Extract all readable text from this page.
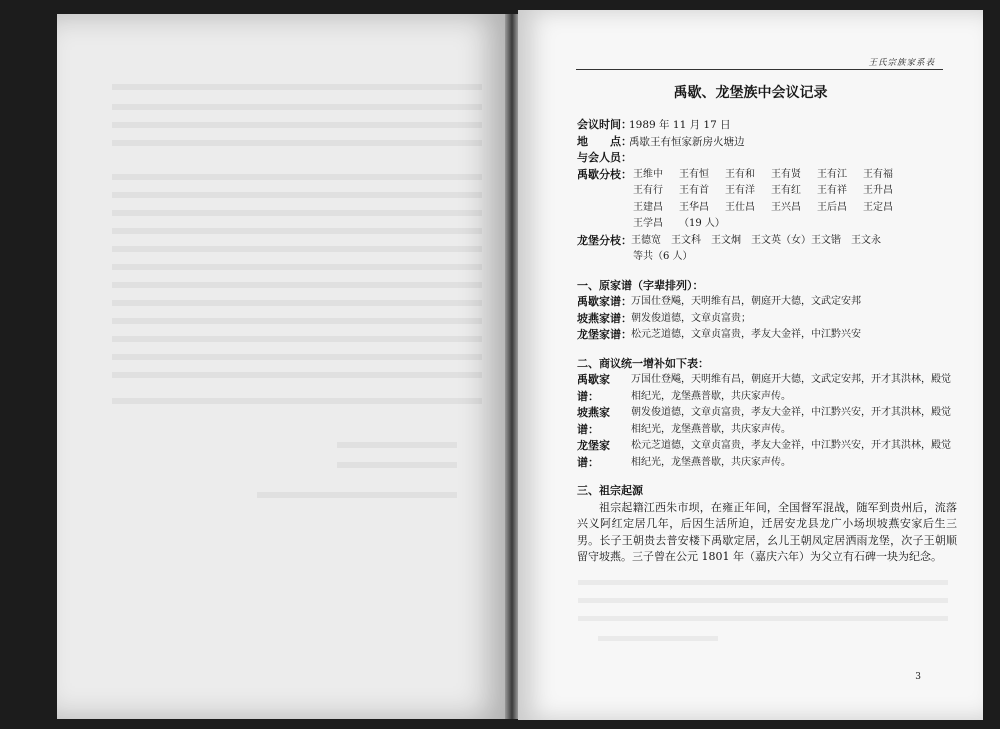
王氏宗族家系表
禹歇、龙堡族中会议记录
会议时间：
1989 年 11 月 17 日
地　　点：
禹歇王有恒家新房火塘边
与会人员：
禹歇分枝： 王维中	王有恒	王有和	王有贤	王有江	王有福
王有行	王有首	王有洋	王有红	王有祥	王升昌
王建昌	王华昌	王仕昌	王兴昌	王后昌	王定昌
王学昌	（19 人）
龙堡分枝： 王德宽　王文科　王文炯　王文英（女）王文锴　王文永
等共（6 人）
一、原家谱（字辈排列）：
禹歇家谱： 万国仕登飚，天明维有昌，朝庭开大德，文武定安邦
坡燕家谱： 朝发俊道德，文章贞富贵；
龙堡家谱： 松元芝道德，文章贞富贵，孝友大金祥，中江黔兴安
二、商议统一增补如下表：
禹歇家谱：
万国仕登飚，天明维有昌，朝庭开大德，文武定安邦，开才其洪林，殿觉相纪光，龙堡燕普歇，共庆家声传。
坡燕家谱：
朝发俊道德，文章贞富贵，孝友大金祥，中江黔兴安，开才其洪林，殿觉相纪光，龙堡燕普歇，共庆家声传。
龙堡家谱：
松元芝道德，文章贞富贵，孝友大金祥，中江黔兴安，开才其洪林，殿觉相纪光，龙堡燕普歇，共庆家声传。
三、祖宗起源
祖宗起籍江西朱市坝，在雍正年间，全国督军混战，随军到贵州后，流落兴义阿红定居几年，后因生活所迫，迁居安龙县龙广小场坝坡燕安家后生三男。长子王朝贵去普安楼下禹歇定居，幺儿王朝凤定居洒雨龙堡，次子王朝顺留守坡燕。三子曾在公元 1801 年（嘉庆六年）为父立有石碑一块为纪念。
3
